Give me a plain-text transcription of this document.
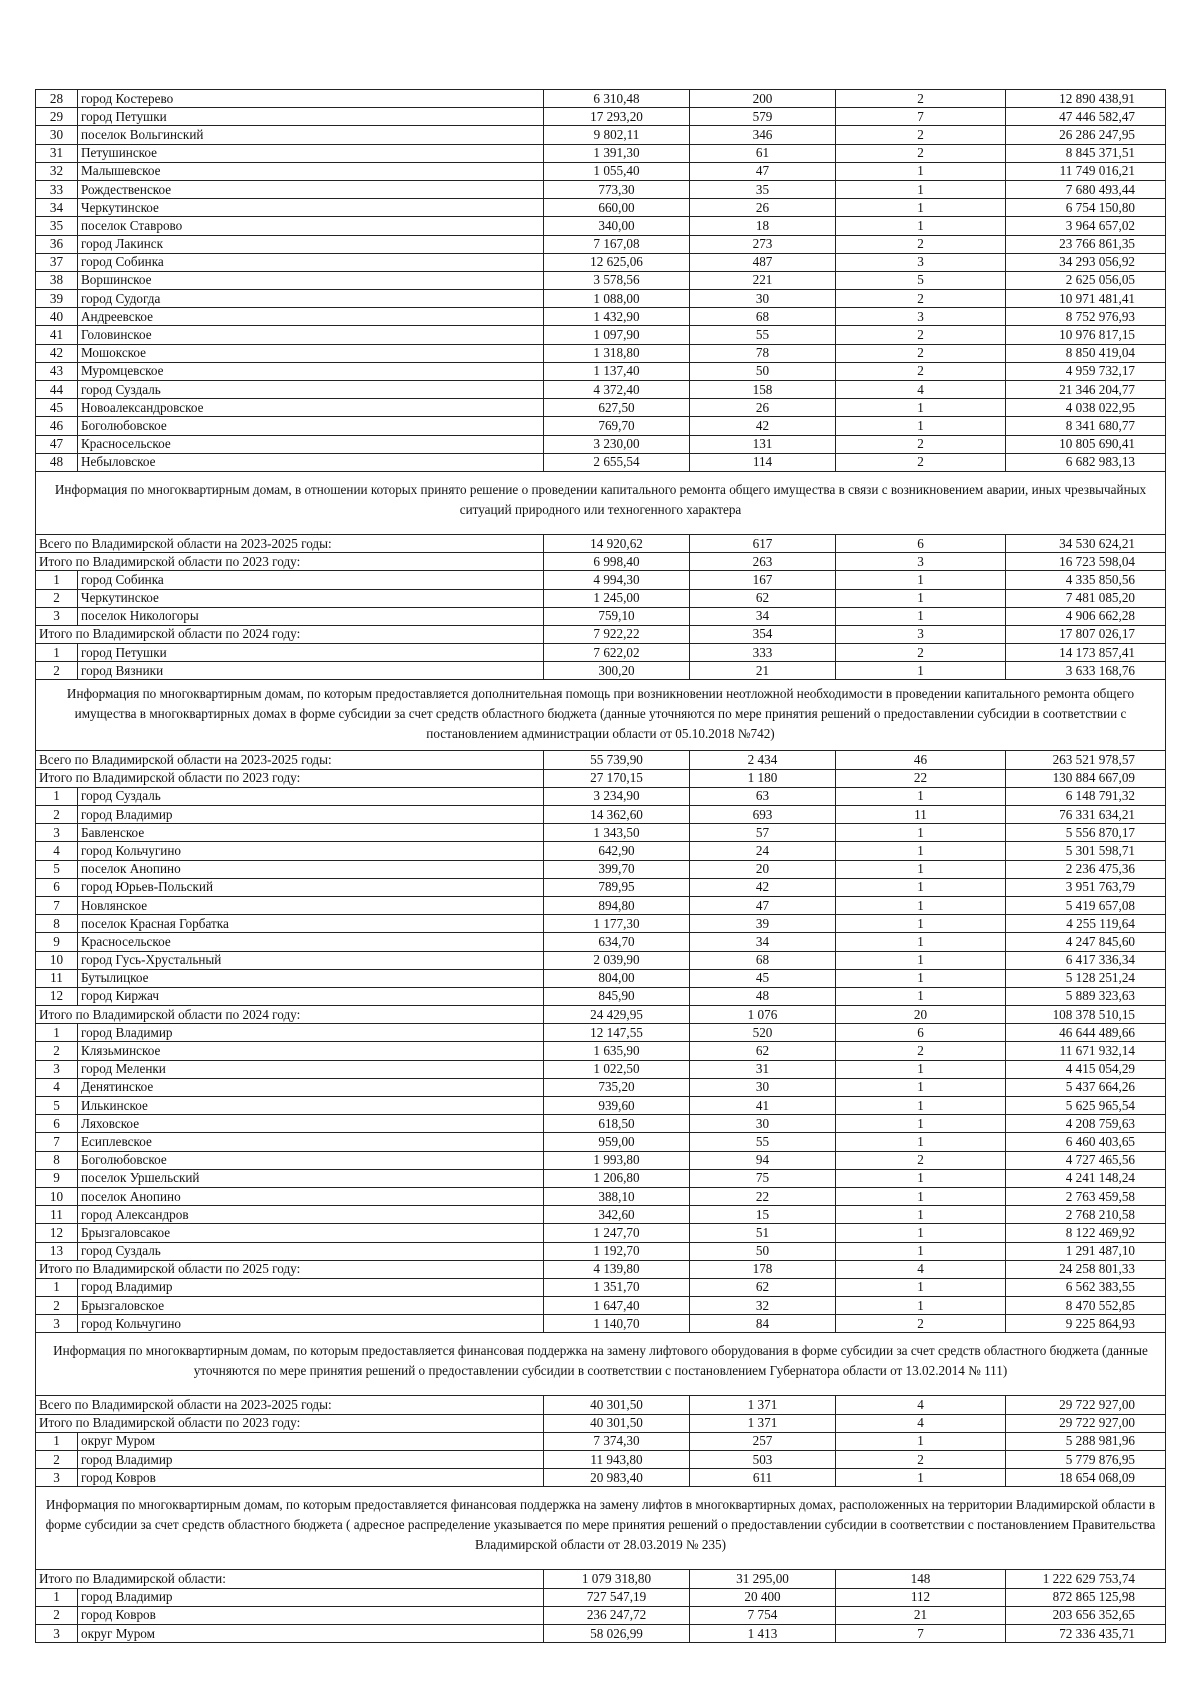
28	город Костерево	6 310,48	200	2	12 890 438,91
29	город Петушки	17 293,20	579	7	47 446 582,47
30	поселок Вольгинский	9 802,11	346	2	26 286 247,95
31	Петушинское	1 391,30	61	2	8 845 371,51
32	Малышевское	1 055,40	47	1	11 749 016,21
33	Рождественское	773,30	35	1	7 680 493,44
34	Черкутинское	660,00	26	1	6 754 150,80
35	поселок Ставрово	340,00	18	1	3 964 657,02
36	город Лакинск	7 167,08	273	2	23 766 861,35
37	город Собинка	12 625,06	487	3	34 293 056,92
38	Воршинское	3 578,56	221	5	2 625 056,05
39	город Судогда	1 088,00	30	2	10 971 481,41
40	Андреевское	1 432,90	68	3	8 752 976,93
41	Головинское	1 097,90	55	2	10 976 817,15
42	Мошокское	1 318,80	78	2	8 850 419,04
43	Муромцевское	1 137,40	50	2	4 959 732,17
44	город Суздаль	4 372,40	158	4	21 346 204,77
45	Новоалександровское	627,50	26	1	4 038 022,95
46	Боголюбовское	769,70	42	1	8 341 680,77
47	Красносельское	3 230,00	131	2	10 805 690,41
48	Небыловское	2 655,54	114	2	6 682 983,13
Информация по многоквартирным домам, в отношении которых принято решение о проведении капитального ремонта общего имущества в связи с возникновением аварии, иных чрезвычайных ситуаций природного или техногенного характера					
Всего по Владимирской области на 2023-2025 годы:		14 920,62	617	6	34 530 624,21
Итого по Владимирской области по 2023 году:		6 998,40	263	3	16 723 598,04
1	город Собинка	4 994,30	167	1	4 335 850,56
2	Черкутинское	1 245,00	62	1	7 481 085,20
3	поселок Никологоры	759,10	34	1	4 906 662,28
Итого по Владимирской области по 2024 году:		7 922,22	354	3	17 807 026,17
1	город Петушки	7 622,02	333	2	14 173 857,41
2	город Вязники	300,20	21	1	3 633 168,76
Информация по многоквартирным домам, по которым предоставляется дополнительная помощь при возникновении неотложной необходимости в проведении капитального ремонта общего имущества в многоквартирных домах в форме субсидии за счет средств областного бюджета (данные уточняются по мере принятия решений о предоставлении субсидии в соответствии с постановлением администрации области от 05.10.2018 №742)					
Всего по Владимирской области на 2023-2025 годы:		55 739,90	2 434	46	263 521 978,57
Итого по Владимирской области по 2023 году:		27 170,15	1 180	22	130 884 667,09
1	город Суздаль	3 234,90	63	1	6 148 791,32
2	город Владимир	14 362,60	693	11	76 331 634,21
3	Бавленское	1 343,50	57	1	5 556 870,17
4	город Кольчугино	642,90	24	1	5 301 598,71
5	поселок Анопино	399,70	20	1	2 236 475,36
6	город Юрьев-Польский	789,95	42	1	3 951 763,79
7	Новлянское	894,80	47	1	5 419 657,08
8	поселок Красная Горбатка	1 177,30	39	1	4 255 119,64
9	Красносельское	634,70	34	1	4 247 845,60
10	город Гусь-Хрустальный	2 039,90	68	1	6 417 336,34
11	Бутылицкое	804,00	45	1	5 128 251,24
12	город Киржач	845,90	48	1	5 889 323,63
Итого по Владимирской области по 2024 году:		24 429,95	1 076	20	108 378 510,15
1	город Владимир	12 147,55	520	6	46 644 489,66
2	Клязьминское	1 635,90	62	2	11 671 932,14
3	город Меленки	1 022,50	31	1	4 415 054,29
4	Денятинское	735,20	30	1	5 437 664,26
5	Илькинское	939,60	41	1	5 625 965,54
6	Ляховское	618,50	30	1	4 208 759,63
7	Есиплевское	959,00	55	1	6 460 403,65
8	Боголюбовское	1 993,80	94	2	4 727 465,56
9	поселок Уршельский	1 206,80	75	1	4 241 148,24
10	поселок Анопино	388,10	22	1	2 763 459,58
11	город Александров	342,60	15	1	2 768 210,58
12	Брызгаловсакое	1 247,70	51	1	8 122 469,92
13	город Суздаль	1 192,70	50	1	1 291 487,10
Итого по Владимирской области по 2025 году:		4 139,80	178	4	24 258 801,33
1	город Владимир	1 351,70	62	1	6 562 383,55
2	Брызгаловское	1 647,40	32	1	8 470 552,85
3	город Кольчугино	1 140,70	84	2	9 225 864,93
Информация по многоквартирным домам, по которым предоставляется финансовая поддержка на замену лифтового оборудования в форме субсидии за счет средств областного бюджета (данные уточняются по мере принятия решений о предоставлении субсидии в соответствии с постановлением Губернатора области от 13.02.2014 № 111)					
Всего по Владимирской области на 2023-2025 годы:		40 301,50	1 371	4	29 722 927,00
Итого по Владимирской области по 2023 году:		40 301,50	1 371	4	29 722 927,00
1	округ Муром	7 374,30	257	1	5 288 981,96
2	город Владимир	11 943,80	503	2	5 779 876,95
3	город Ковров	20 983,40	611	1	18 654 068,09
Информация по многоквартирным домам, по которым предоставляется финансовая поддержка на замену лифтов в многоквартирных домах, расположенных на территории Владимирской области в форме субсидии за счет средств областного бюджета ( адресное распределение указывается по мере принятия решений о предоставлении субсидии в соответствии с постановлением Правительства Владимирской области от 28.03.2019 № 235)					
Итого по Владимирской области:		1 079 318,80	31 295,00	148	1 222 629 753,74
1	город Владимир	727 547,19	20 400	112	872 865 125,98
2	город Ковров	236 247,72	7 754	21	203 656 352,65
3	округ Муром	58 026,99	1 413	7	72 336 435,71
